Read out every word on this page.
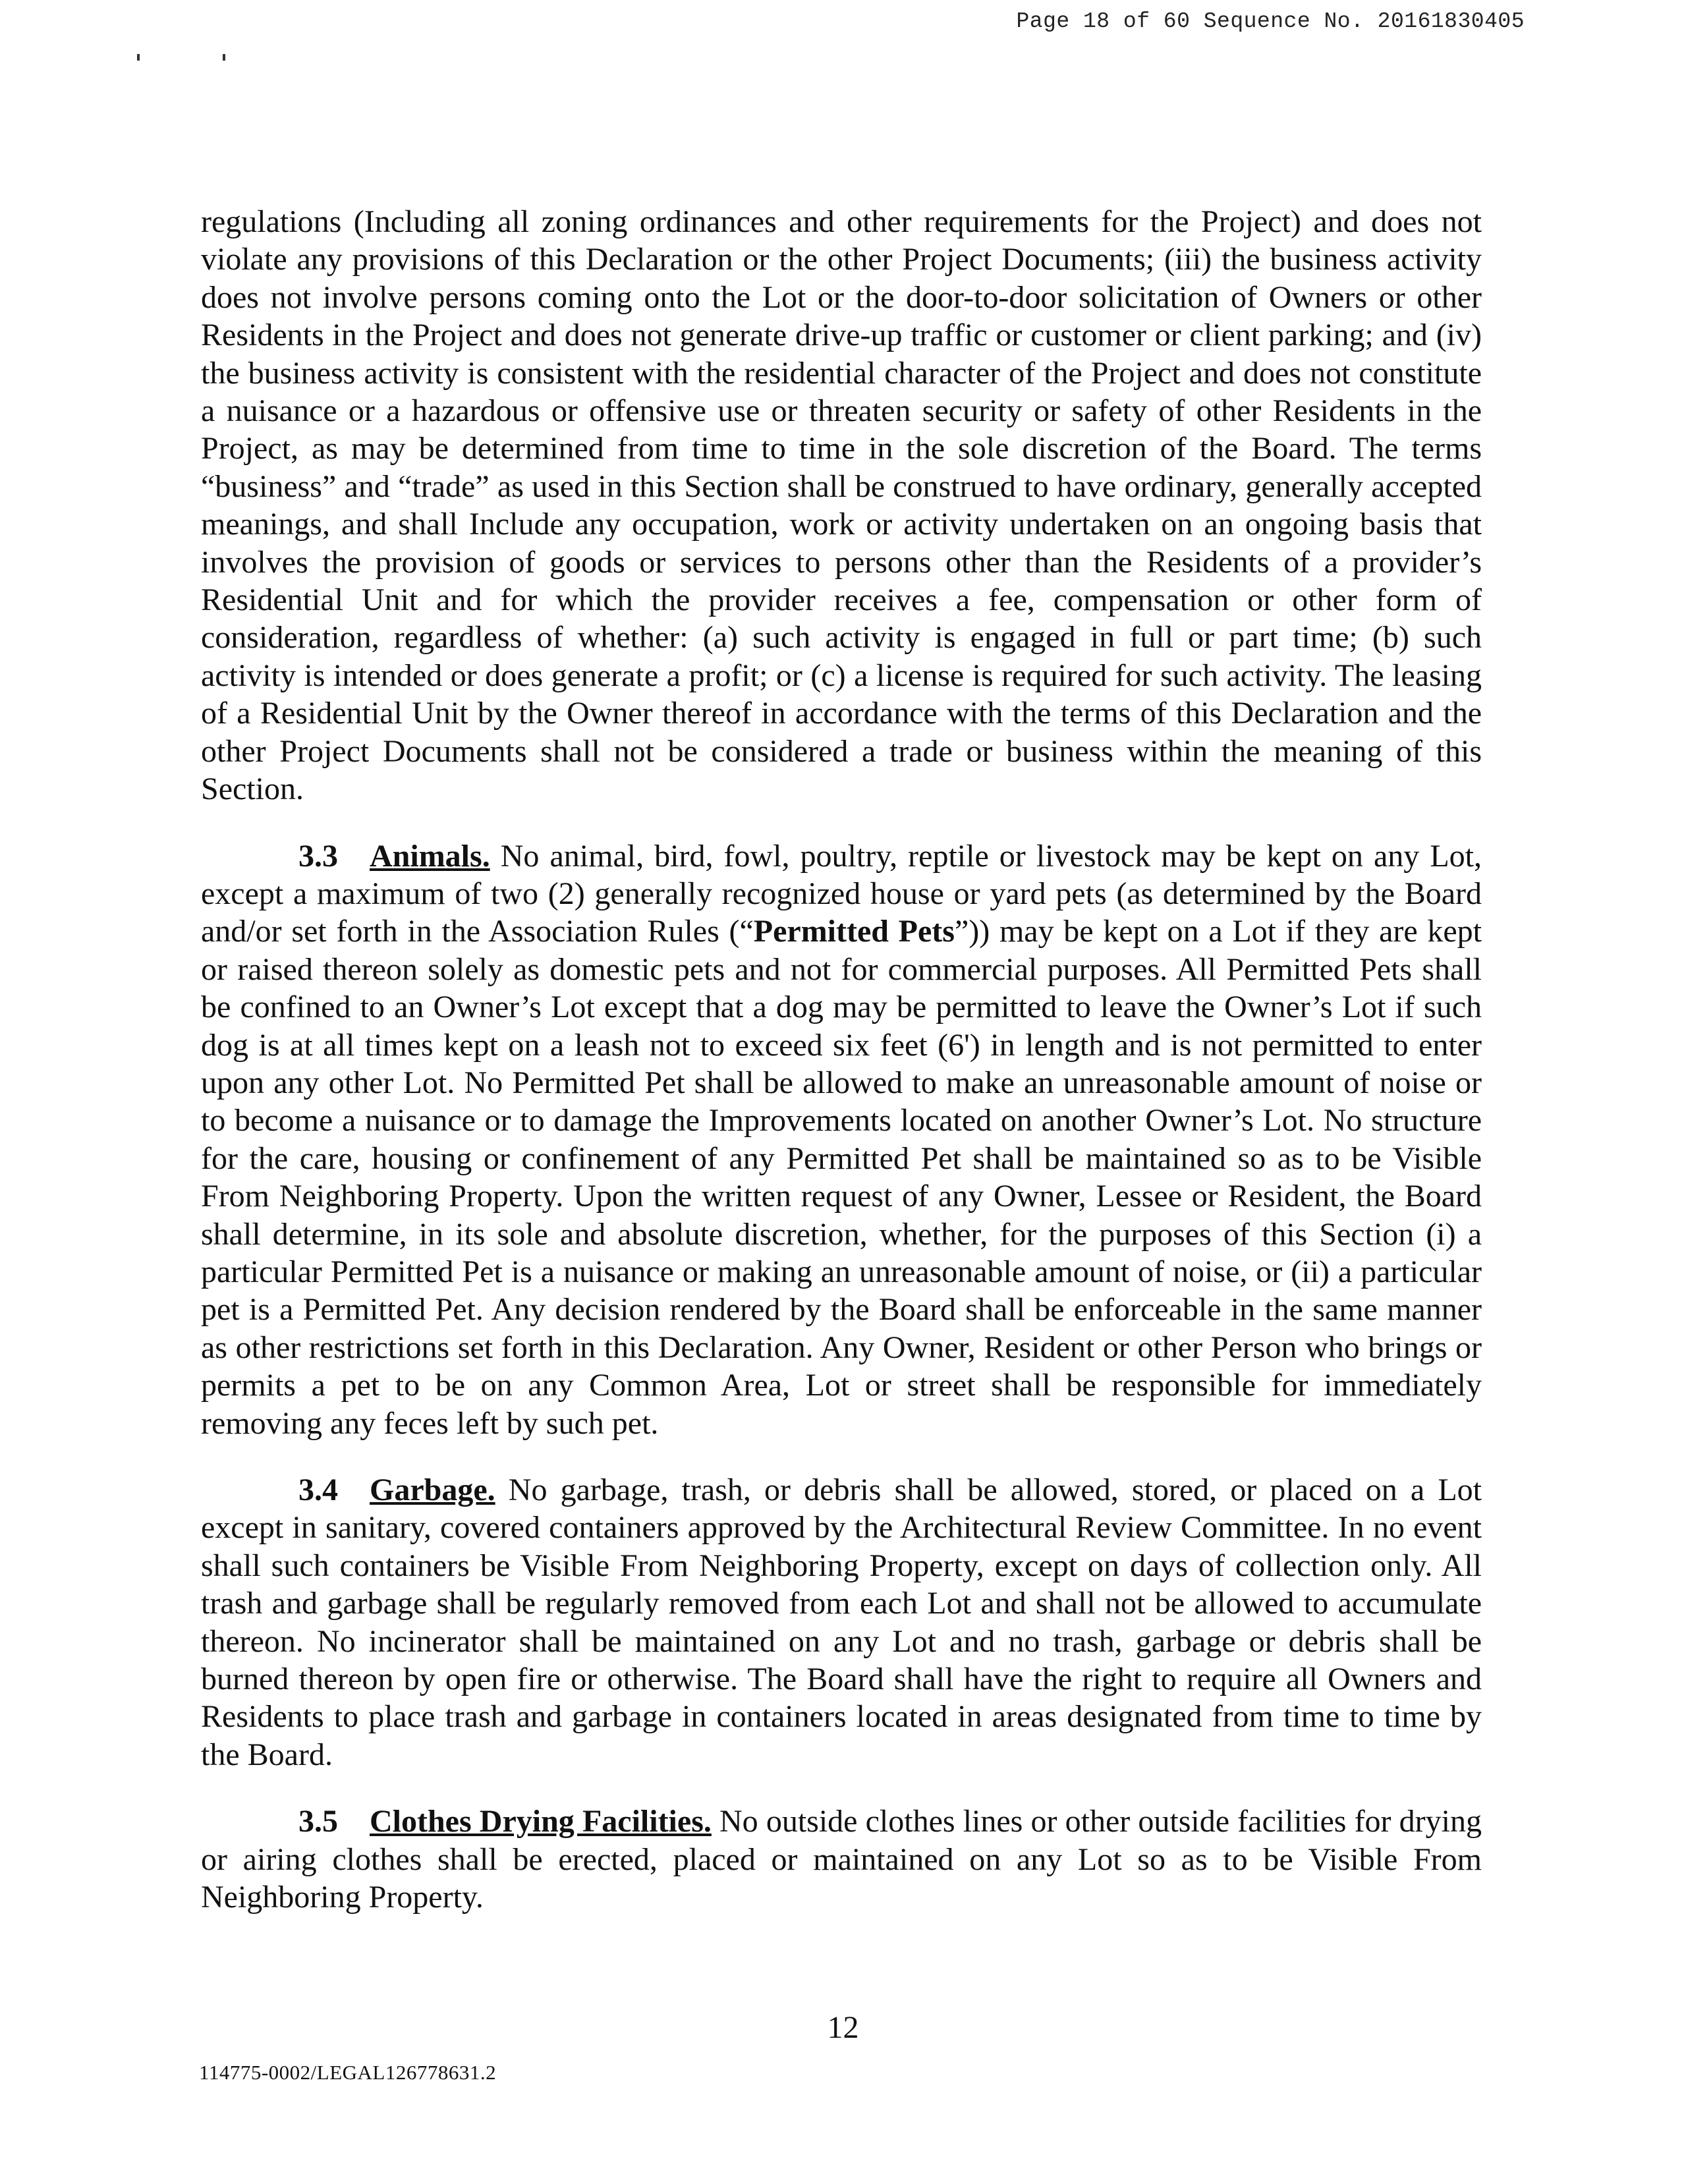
Page 18 of 60 Sequence No. 20161830405

regulations (Including all zoning ordinances and other requirements for the Project) and does not violate any provisions of this Declaration or the other Project Documents; (iii) the business activity does not involve persons coming onto the Lot or the door-to-door solicitation of Owners or other Residents in the Project and does not generate drive-up traffic or customer or client parking; and (iv) the business activity is consistent with the residential character of the Project and does not constitute a nuisance or a hazardous or offensive use or threaten security or safety of other Residents in the Project, as may be determined from time to time in the sole discretion of the Board. The terms “business” and “trade” as used in this Section shall be construed to have ordinary, generally accepted meanings, and shall Include any occupation, work or activity undertaken on an ongoing basis that involves the provision of goods or services to persons other than the Residents of a provider’s Residential Unit and for which the provider receives a fee, compensation or other form of consideration, regardless of whether: (a) such activity is engaged in full or part time; (b) such activity is intended or does generate a profit; or (c) a license is required for such activity. The leasing of a Residential Unit by the Owner thereof in accordance with the terms of this Declaration and the other Project Documents shall not be considered a trade or business within the meaning of this Section.

3.3 Animals. No animal, bird, fowl, poultry, reptile or livestock may be kept on any Lot, except a maximum of two (2) generally recognized house or yard pets (as determined by the Board and/or set forth in the Association Rules (“Permitted Pets”)) may be kept on a Lot if they are kept or raised thereon solely as domestic pets and not for commercial purposes. All Permitted Pets shall be confined to an Owner’s Lot except that a dog may be permitted to leave the Owner’s Lot if such dog is at all times kept on a leash not to exceed six feet (6') in length and is not permitted to enter upon any other Lot. No Permitted Pet shall be allowed to make an unreasonable amount of noise or to become a nuisance or to damage the Improvements located on another Owner’s Lot. No structure for the care, housing or confinement of any Permitted Pet shall be maintained so as to be Visible From Neighboring Property. Upon the written request of any Owner, Lessee or Resident, the Board shall determine, in its sole and absolute discretion, whether, for the purposes of this Section (i) a particular Permitted Pet is a nuisance or making an unreasonable amount of noise, or (ii) a particular pet is a Permitted Pet. Any decision rendered by the Board shall be enforceable in the same manner as other restrictions set forth in this Declaration. Any Owner, Resident or other Person who brings or permits a pet to be on any Common Area, Lot or street shall be responsible for immediately removing any feces left by such pet.

3.4 Garbage. No garbage, trash, or debris shall be allowed, stored, or placed on a Lot except in sanitary, covered containers approved by the Architectural Review Committee. In no event shall such containers be Visible From Neighboring Property, except on days of collection only. All trash and garbage shall be regularly removed from each Lot and shall not be allowed to accumulate thereon. No incinerator shall be maintained on any Lot and no trash, garbage or debris shall be burned thereon by open fire or otherwise. The Board shall have the right to require all Owners and Residents to place trash and garbage in containers located in areas designated from time to time by the Board.

3.5 Clothes Drying Facilities. No outside clothes lines or other outside facilities for drying or airing clothes shall be erected, placed or maintained on any Lot so as to be Visible From Neighboring Property.

12
114775-0002/LEGAL126778631.2
